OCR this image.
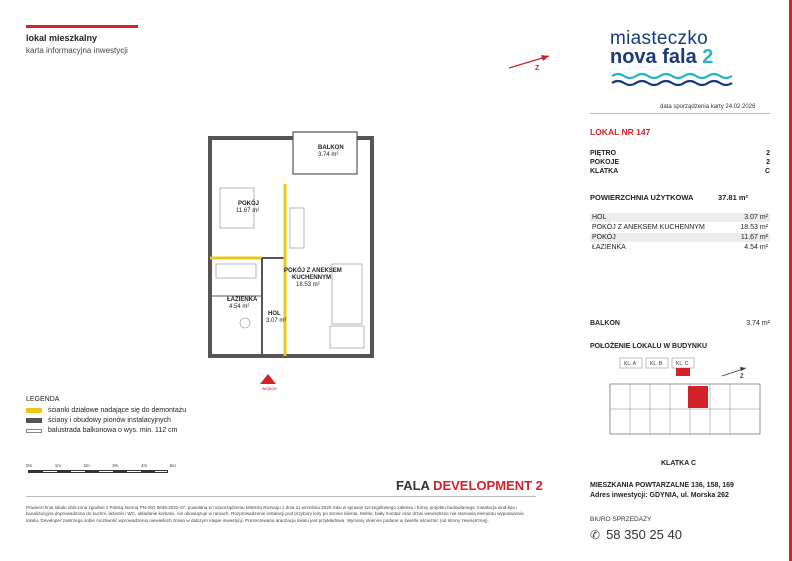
lokal mieszkalny
karta informacyjna inwestycji
Z
miasteczko
nova fala 2
data sporządzenia karty 24.02.2026
LOKAL NR 147
PIĘTRO	2
POKOJE	2
KLATKA	C
POWIERZCHNIA UŻYTKOWA	37.81 m²
HOL	3.07 m²
POKÓJ Z ANEKSEM KUCHENNYM	18.53 m²
POKÓJ	11.67 m²
ŁAZIENKA	4.54 m²
BALKON	3.74 m²
POŁOŻENIE LOKALU W BUDYNKU
KL. A	KL. B	KL. C
Z
KLATKA C
BALKON
3.74 m²
POKÓJ
11.67 m²
POKÓJ Z ANEKSEM
KUCHENNYM
18.53 m²
ŁAZIENKA
4.54 m²
HOL
3.07 m²
wejście
LEGENDA
ścianki działowe nadające się do demontażu
ściany i obudowy pionów instalacyjnych
balustrada balkonowa o wys. min. 112 cm
0m	1m	2m	3m	4m	5m
FALA DEVELOPMENT 2
Powierzchnia lokalu obliczona zgodnie z Polską Normą PN-ISO 9836:2022-07, powołaną w rozporządzeniu Ministra Rozwoju z dnia 11 września 2020 roku w sprawie szczegółowego zakresu i formy projektu budowlanego. Instalacja wod-kan i kanalizacyjna doprowadzona do kuchni, łazienki i WC, układanie korkanii, nie obowiązuje w ramach. Rozprowadzenie instalacji pod przybory leży po stronie klienta. Meble, biały montaż oraz drzwi wewnętrzne nie stanowią elementu wyposażenia lokalu. Developer zastrzega sobie możliwość wprowadzenia niewielkich zmian w dalszym etapie inwestycji. Prezentowana aranżacja lokalu jest przykładowa. Wymiary okienne podane w świetle ościeżnic (od strony zewnętrznej).
MIESZKANIA POWTARZALNE 136, 158, 169
Adres inwestycji: GDYNIA, ul. Morska 262
BIURO SPRZEDAŻY
✆ 58 350 25 40
